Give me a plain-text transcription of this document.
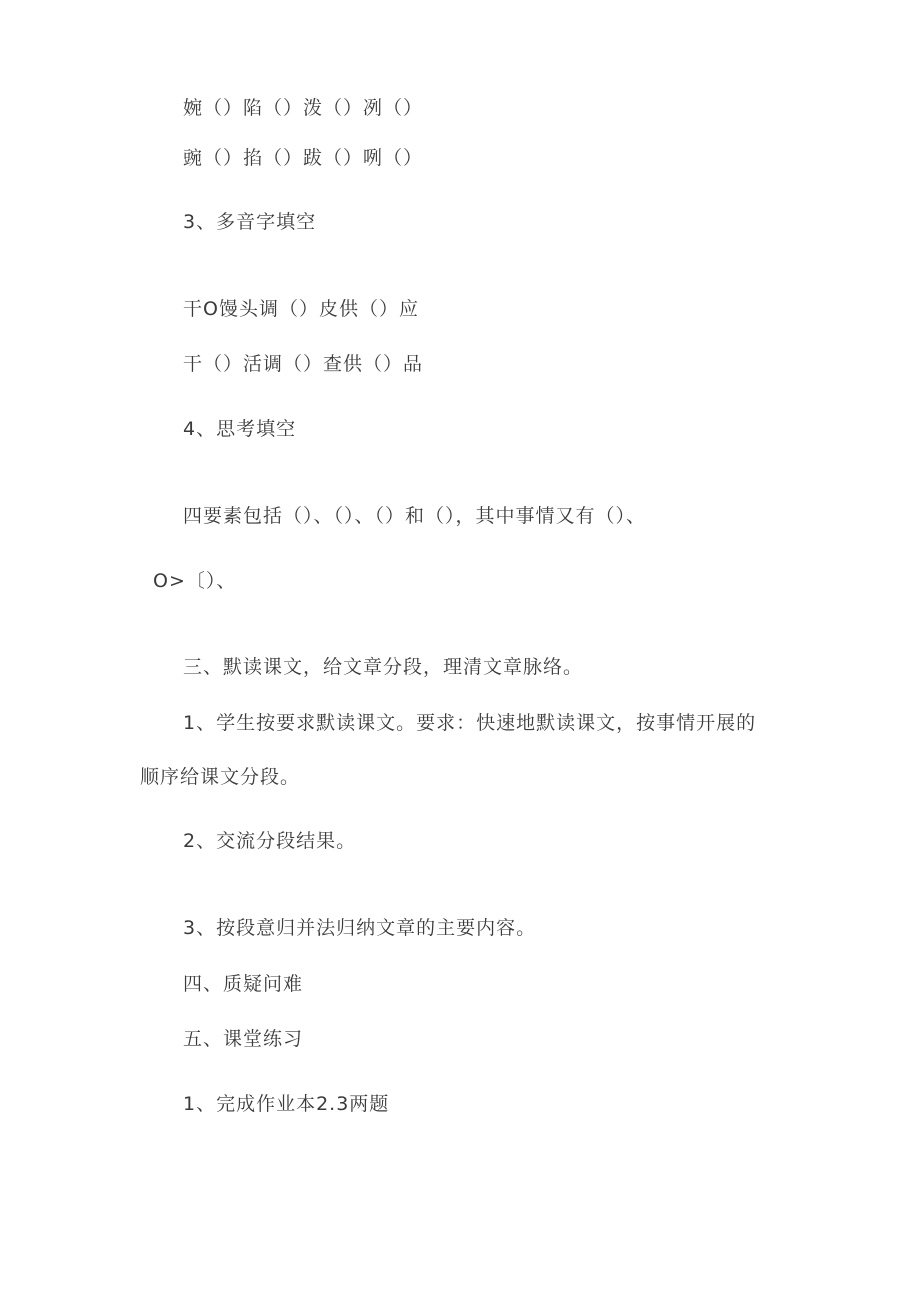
婉（）陷（）泼（）冽（）
豌（）掐（）跋（）咧（）
3、多音字填空
干O馒头调（）皮供（）应
干（）活调（）查供（）品
4、思考填空
四要素包括（）、（）、（）和（），其中事情又有（）、
O>〔）、
三、默读课文，给文章分段，理清文章脉络。
1、学生按要求默读课文。要求：快速地默读课文，按事情开展的
顺序给课文分段。
2、交流分段结果。
3、按段意归并法归纳文章的主要内容。
四、质疑问难
五、课堂练习
1、完成作业本2.3两题
